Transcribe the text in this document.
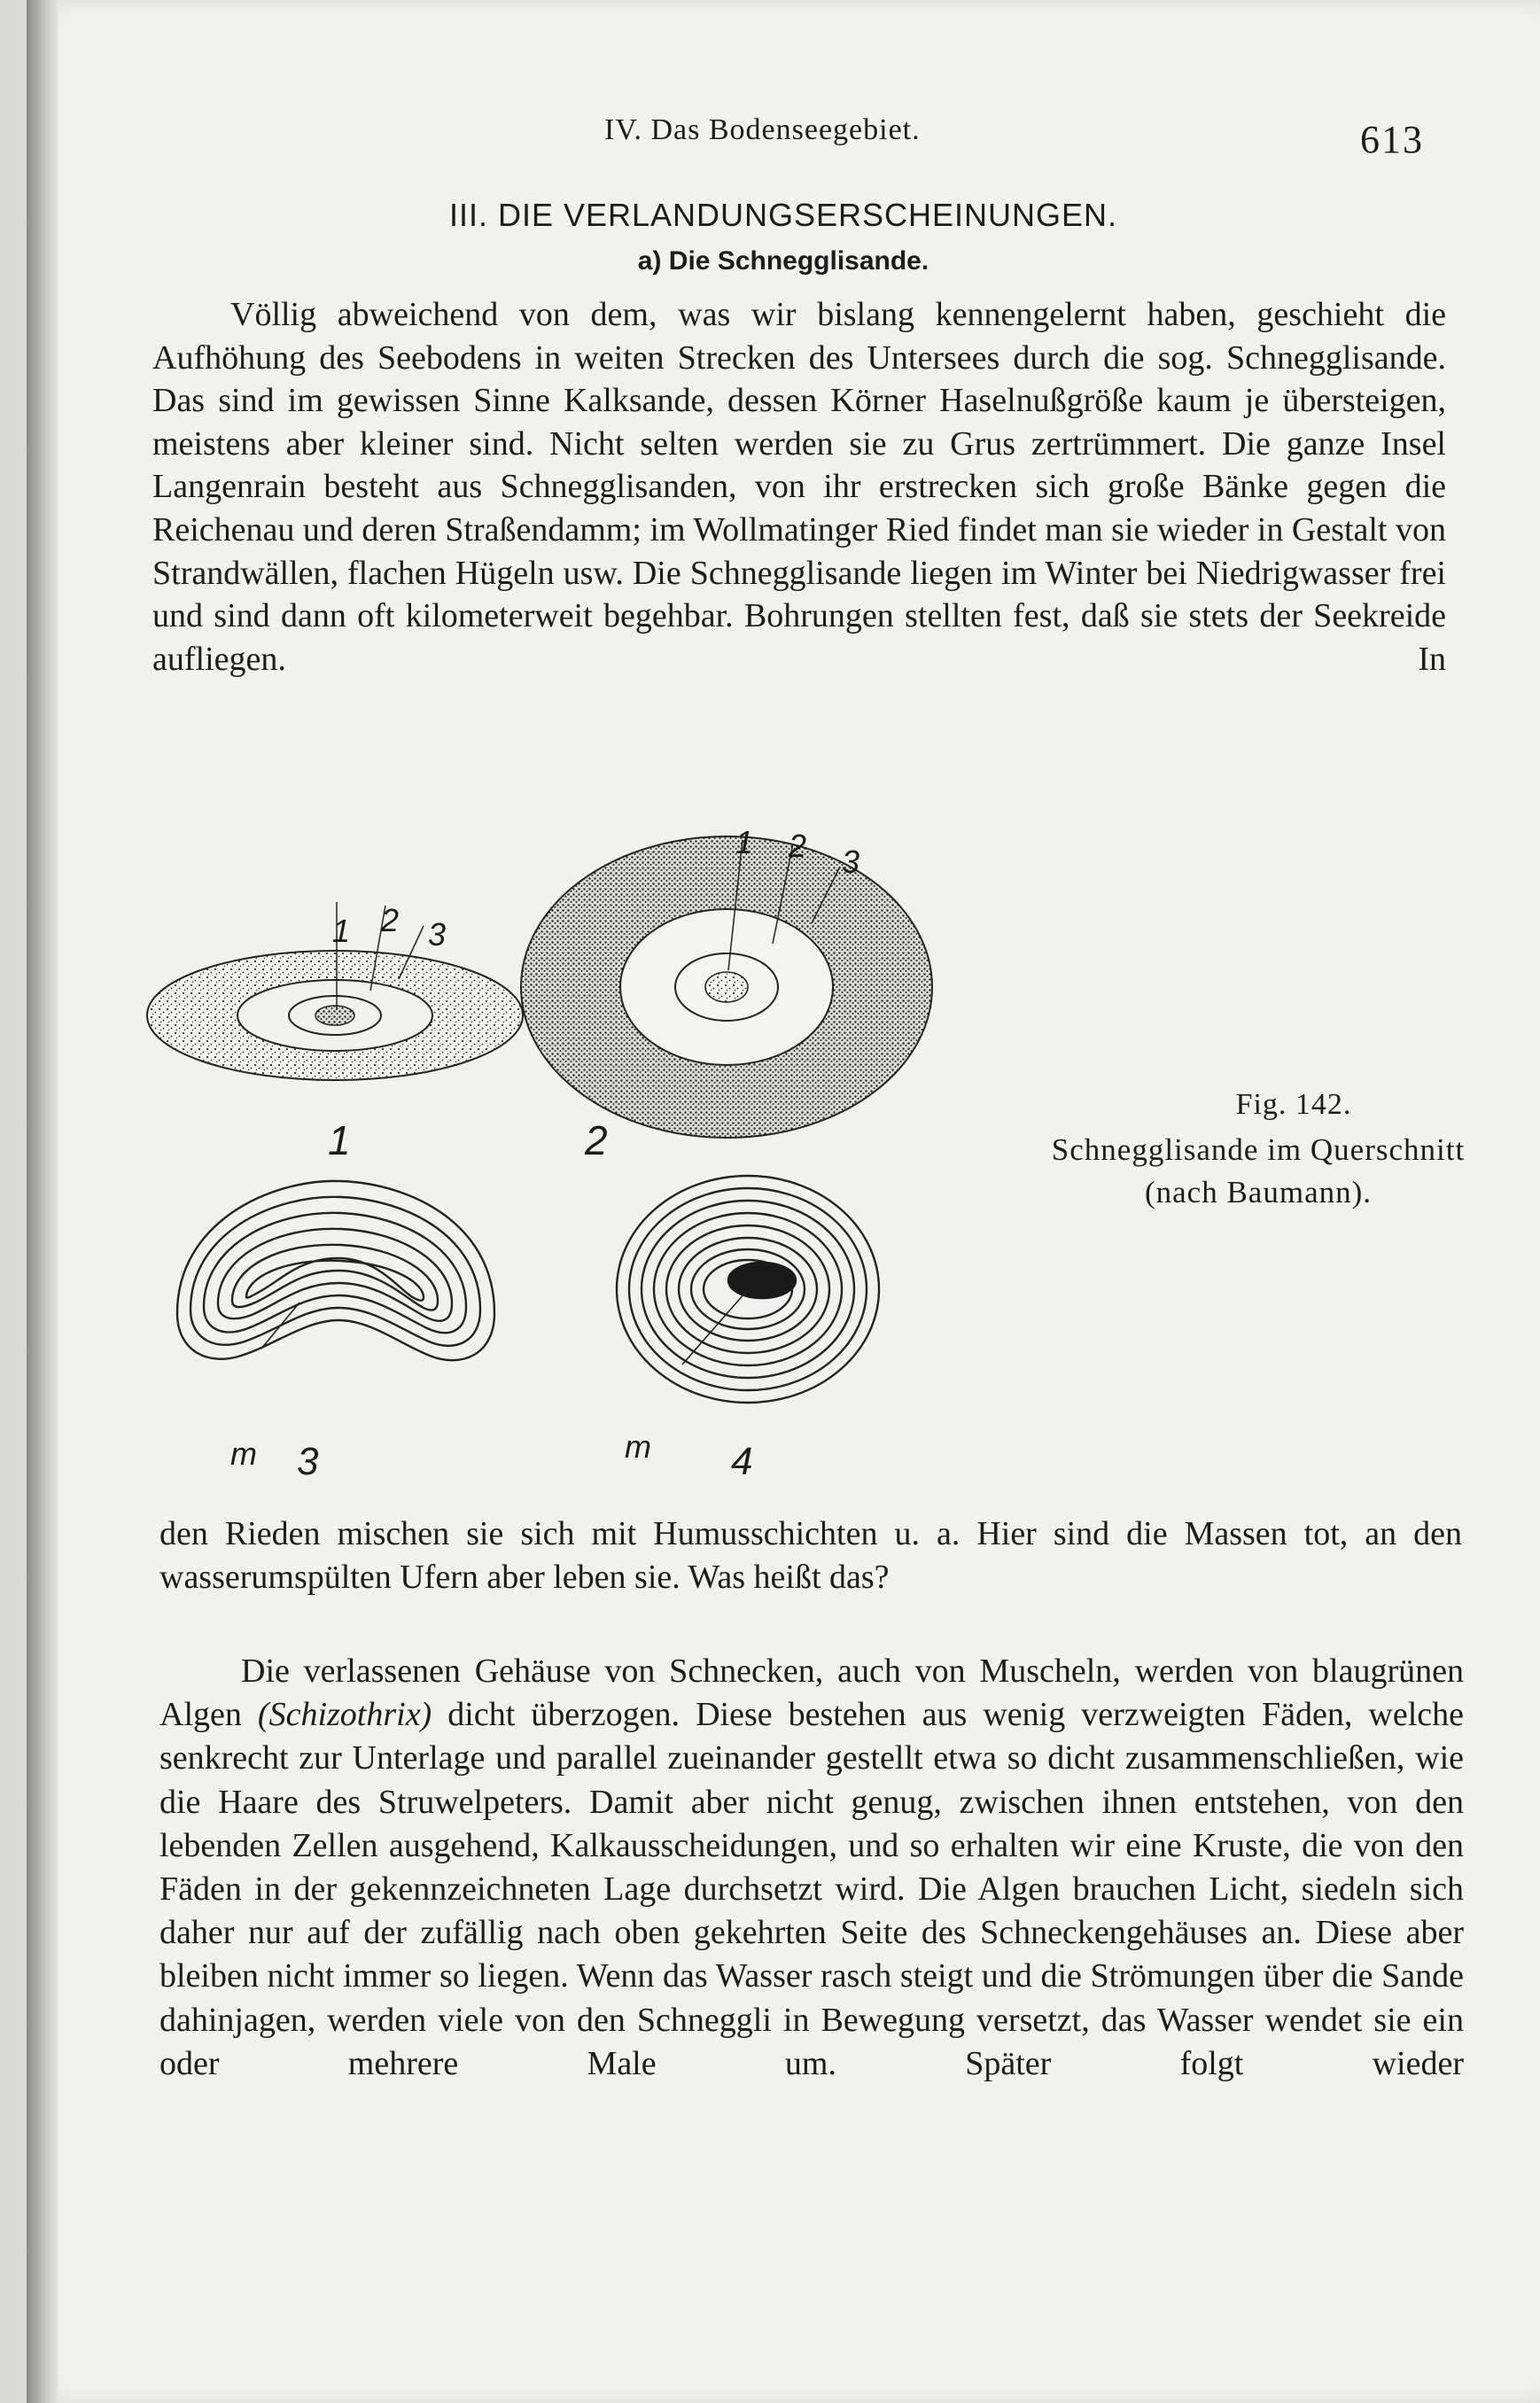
IV. Das Bodenseegebiet.	613
III. DIE VERLANDUNGSERSCHEINUNGEN.
a) Die Schnegglisande.

Völlig abweichend von dem, was wir bislang kennengelernt haben, geschieht die Aufhöhung des Seebodens in weiten Strecken des Untersees durch die sog. Schnegglisande. Das sind im gewissen Sinne Kalksande, dessen Körner Haselnußgröße kaum je übersteigen, meistens aber kleiner sind. Nicht selten werden sie zu Grus zertrümmert. Die ganze Insel Langenrain besteht aus Schnegglisanden, von ihr erstrecken sich große Bänke gegen die Reichenau und deren Straßendamm; im Wollmatinger Ried findet man sie wieder in Gestalt von Strandwällen, flachen Hügeln usw. Die Schnegglisande liegen im Winter bei Niedrigwasser frei und sind dann oft kilometerweit begehbar. Bohrungen stellten fest, daß sie stets der Seekreide aufliegen. In

1 2 3
1 2 3
1	2
3	4
m	m
Fig. 142.
Schnegglisande im Querschnitt
(nach Baumann).

den Rieden mischen sie sich mit Humusschichten u. a. Hier sind die Massen tot, an den wasserumspülten Ufern aber leben sie. Was heißt das?

Die verlassenen Gehäuse von Schnecken, auch von Muscheln, werden von blaugrünen Algen (Schizothrix) dicht überzogen. Diese bestehen aus wenig verzweigten Fäden, welche senkrecht zur Unterlage und parallel zueinander gestellt etwa so dicht zusammenschließen, wie die Haare des Struwelpeters. Damit aber nicht genug, zwischen ihnen entstehen, von den lebenden Zellen ausgehend, Kalkausscheidungen, und so erhalten wir eine Kruste, die von den Fäden in der gekennzeichneten Lage durchsetzt wird. Die Algen brauchen Licht, siedeln sich daher nur auf der zufällig nach oben gekehrten Seite des Schneckengehäuses an. Diese aber bleiben nicht immer so liegen. Wenn das Wasser rasch steigt und die Strömungen über die Sande dahinjagen, werden viele von den Schneggli in Bewegung versetzt, das Wasser wendet sie ein oder mehrere Male um. Später folgt wieder
